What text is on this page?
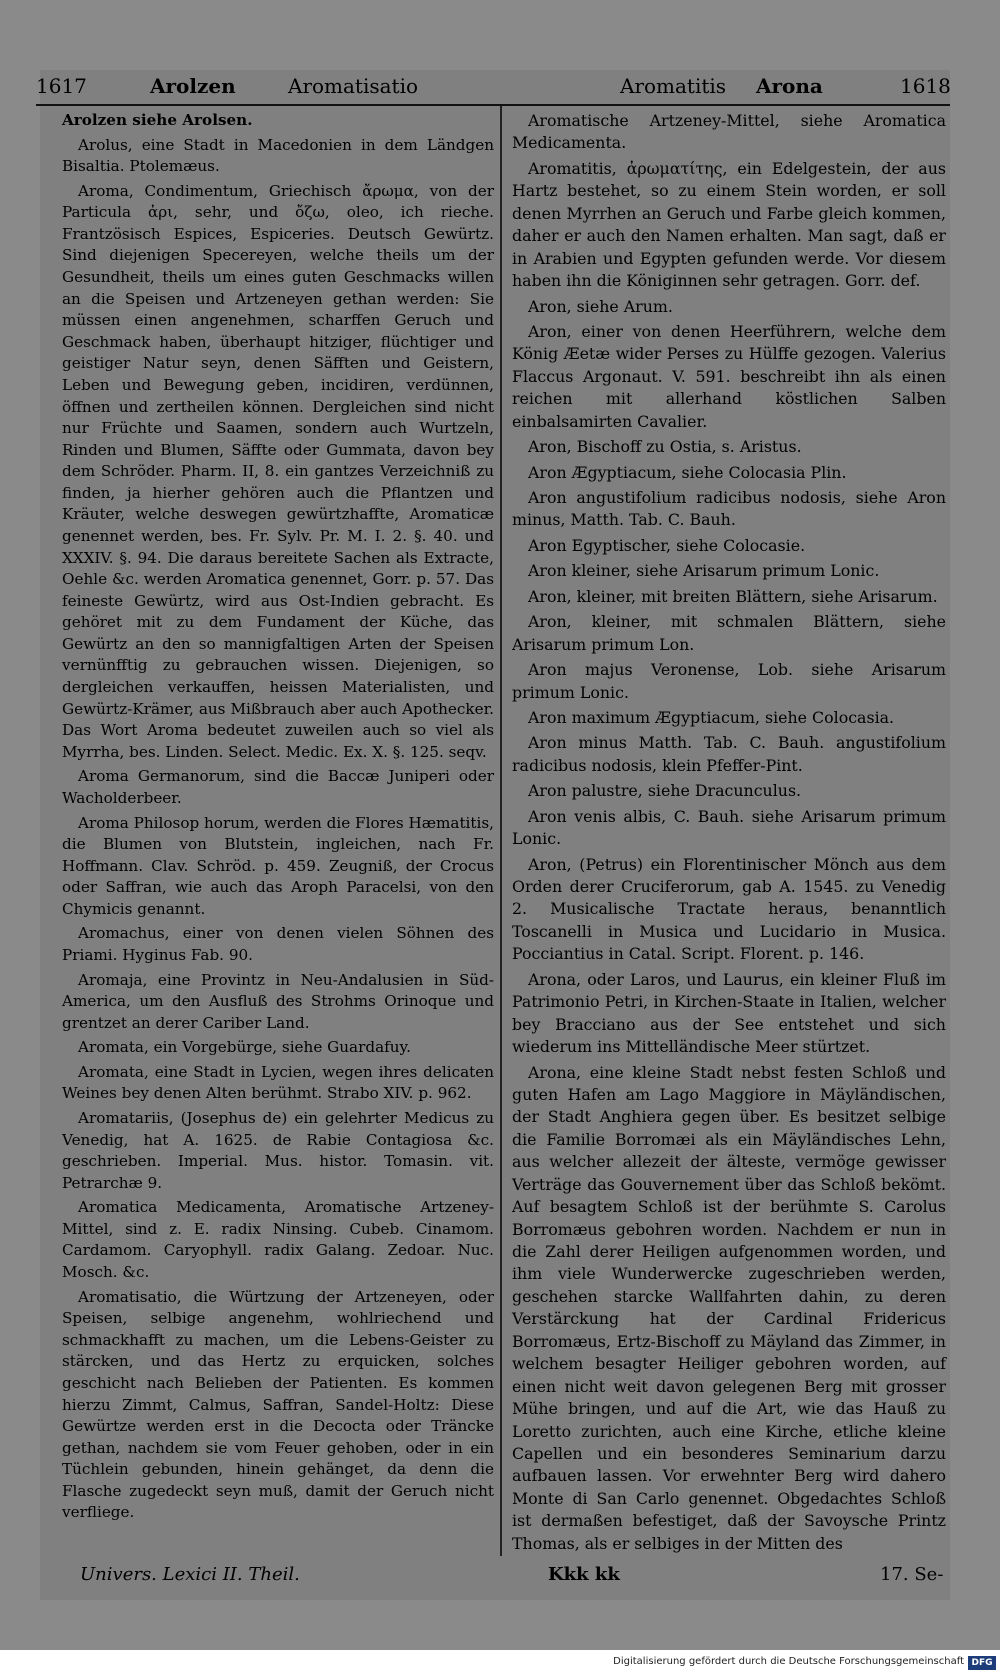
1617	Arolzen	Aromatisatio	Aromatitis Arona	1618

Arolzen siehe Arolsen.

Arolus, eine Stadt in Macedonien in dem Ländgen Bisaltia. Ptolemæus.

Aroma, Condimentum, Griechisch ἄρωμα, von der Particula ἀρι, sehr, und ὄζω, oleo, ich rieche. Frantzösisch Espices, Espiceries. Deutsch Gewürtz. Sind diejenigen Specereyen, welche theils um der Gesundheit, theils um eines guten Geschmacks willen an die Speisen und Artzeneyen gethan werden: Sie müssen einen angenehmen, scharffen Geruch und Geschmack haben, überhaupt hitziger, flüchtiger und geistiger Natur seyn, denen Säfften und Geistern, Leben und Bewegung geben, incidiren, verdünnen, öffnen und zertheilen können. Dergleichen sind nicht nur Früchte und Saamen, sondern auch Wurtzeln, Rinden und Blumen, Säffte oder Gummata, davon bey dem Schröder. Pharm. II, 8. ein gantzes Verzeichniß zu finden, ja hierher gehören auch die Pflantzen und Kräuter, welche deswegen gewürtzhaffte, Aromaticæ genennet werden, bes. Fr. Sylv. Pr. M. I. 2. §. 40. und XXXIV. §. 94. Die daraus bereitete Sachen als Extracte, Oehle &c. werden Aromatica genennet, Gorr. p. 57. Das feineste Gewürtz, wird aus Ost-Indien gebracht. Es gehöret mit zu dem Fundament der Küche, das Gewürtz an den so mannigfaltigen Arten der Speisen vernünfftig zu gebrauchen wissen. Diejenigen, so dergleichen verkauffen, heissen Materialisten, und Gewürtz-Krämer, aus Mißbrauch aber auch Apothecker. Das Wort Aroma bedeutet zuweilen auch so viel als Myrrha, bes. Linden. Select. Medic. Ex. X. §. 125. seqv.

Aroma Germanorum, sind die Baccæ Juniperi oder Wacholderbeer.

Aroma Philosop horum, werden die Flores Hæmatitis, die Blumen von Blutstein, ingleichen, nach Fr. Hoffmann. Clav. Schröd. p. 459. Zeugniß, der Crocus oder Saffran, wie auch das Aroph Paracelsi, von den Chymicis genannt.

Aromachus, einer von denen vielen Söhnen des Priami. Hyginus Fab. 90.

Aromaja, eine Provintz in Neu-Andalusien in Süd-America, um den Ausfluß des Strohms Orinoque und grentzet an derer Cariber Land.

Aromata, ein Vorgebürge, siehe Guardafuy.

Aromata, eine Stadt in Lycien, wegen ihres delicaten Weines bey denen Alten berühmt. Strabo XIV. p. 962.

Aromatariis, (Josephus de) ein gelehrter Medicus zu Venedig, hat A. 1625. de Rabie Contagiosa &c. geschrieben. Imperial. Mus. histor. Tomasin. vit. Petrarchæ 9.

Aromatica Medicamenta, Aromatische Artzeney-Mittel, sind z. E. radix Ninsing. Cubeb. Cinamom. Cardamom. Caryophyll. radix Galang. Zedoar. Nuc. Mosch. &c.

Aromatisatio, die Würtzung der Artzeneyen, oder Speisen, selbige angenehm, wohlriechend und schmackhafft zu machen, um die Lebens-Geister zu stärcken, und das Hertz zu erquicken, solches geschicht nach Belieben der Patienten. Es kommen hierzu Zimmt, Calmus, Saffran, Sandel-Holtz: Diese Gewürtze werden erst in die Decocta oder Träncke gethan, nachdem sie vom Feuer gehoben, oder in ein Tüchlein gebunden, hinein gehänget, da denn die Flasche zugedeckt seyn muß, damit der Geruch nicht verfliege.

Aromatische Artzeney-Mittel, siehe Aromatica Medicamenta.

Aromatitis, ἀρωματίτης, ein Edelgestein, der aus Hartz bestehet, so zu einem Stein worden, er soll denen Myrrhen an Geruch und Farbe gleich kommen, daher er auch den Namen erhalten. Man sagt, daß er in Arabien und Egypten gefunden werde. Vor diesem haben ihn die Königinnen sehr getragen. Gorr. def.

Aron, siehe Arum.

Aron, einer von denen Heerführern, welche dem König Æetæ wider Perses zu Hülffe gezogen. Valerius Flaccus Argonaut. V. 591. beschreibt ihn als einen reichen mit allerhand köstlichen Salben einbalsamirten Cavalier.

Aron, Bischoff zu Ostia, s. Aristus.

Aron Ægyptiacum, siehe Colocasia Plin.

Aron angustifolium radicibus nodosis, siehe Aron minus, Matth. Tab. C. Bauh.

Aron Egyptischer, siehe Colocasie.

Aron kleiner, siehe Arisarum primum Lonic.

Aron, kleiner, mit breiten Blättern, siehe Arisarum.

Aron, kleiner, mit schmalen Blättern, siehe Arisarum primum Lon.

Aron majus Veronense, Lob. siehe Arisarum primum Lonic.

Aron maximum Ægyptiacum, siehe Colocasia.

Aron minus Matth. Tab. C. Bauh. angustifolium radicibus nodosis, klein Pfeffer-Pint.

Aron palustre, siehe Dracunculus.

Aron venis albis, C. Bauh. siehe Arisarum primum Lonic.

Aron, (Petrus) ein Florentinischer Mönch aus dem Orden derer Cruciferorum, gab A. 1545. zu Venedig 2. Musicalische Tractate heraus, benanntlich Toscanelli in Musica und Lucidario in Musica. Pocciantius in Catal. Script. Florent. p. 146.

Arona, oder Laros, und Laurus, ein kleiner Fluß im Patrimonio Petri, in Kirchen-Staate in Italien, welcher bey Bracciano aus der See entstehet und sich wiederum ins Mittelländische Meer stürtzet.

Arona, eine kleine Stadt nebst festen Schloß und guten Hafen am Lago Maggiore in Mäyländischen, der Stadt Anghiera gegen über. Es besitzet selbige die Familie Borromæi als ein Mäyländisches Lehn, aus welcher allezeit der älteste, vermöge gewisser Verträge das Gouvernement über das Schloß bekömt. Auf besagtem Schloß ist der berühmte S. Carolus Borromæus gebohren worden. Nachdem er nun in die Zahl derer Heiligen aufgenommen worden, und ihm viele Wunderwercke zugeschrieben werden, geschehen starcke Wallfahrten dahin, zu deren Verstärckung hat der Cardinal Fridericus Borromæus, Ertz-Bischoff zu Mäyland das Zimmer, in welchem besagter Heiliger gebohren worden, auf einen nicht weit davon gelegenen Berg mit grosser Mühe bringen, und auf die Art, wie das Hauß zu Loretto zurichten, auch eine Kirche, etliche kleine Capellen und ein besonderes Seminarium darzu aufbauen lassen. Vor erwehnter Berg wird dahero Monte di San Carlo genennet. Obgedachtes Schloß ist dermaßen befestiget, daß der Savoysche Printz Thomas, als er selbiges in der Mitten des

Univers. Lexici II. Theil.	Kkk kk	17. Se-
Digitalisierung gefördert durch die Deutsche Forschungsgemeinschaft DFG
